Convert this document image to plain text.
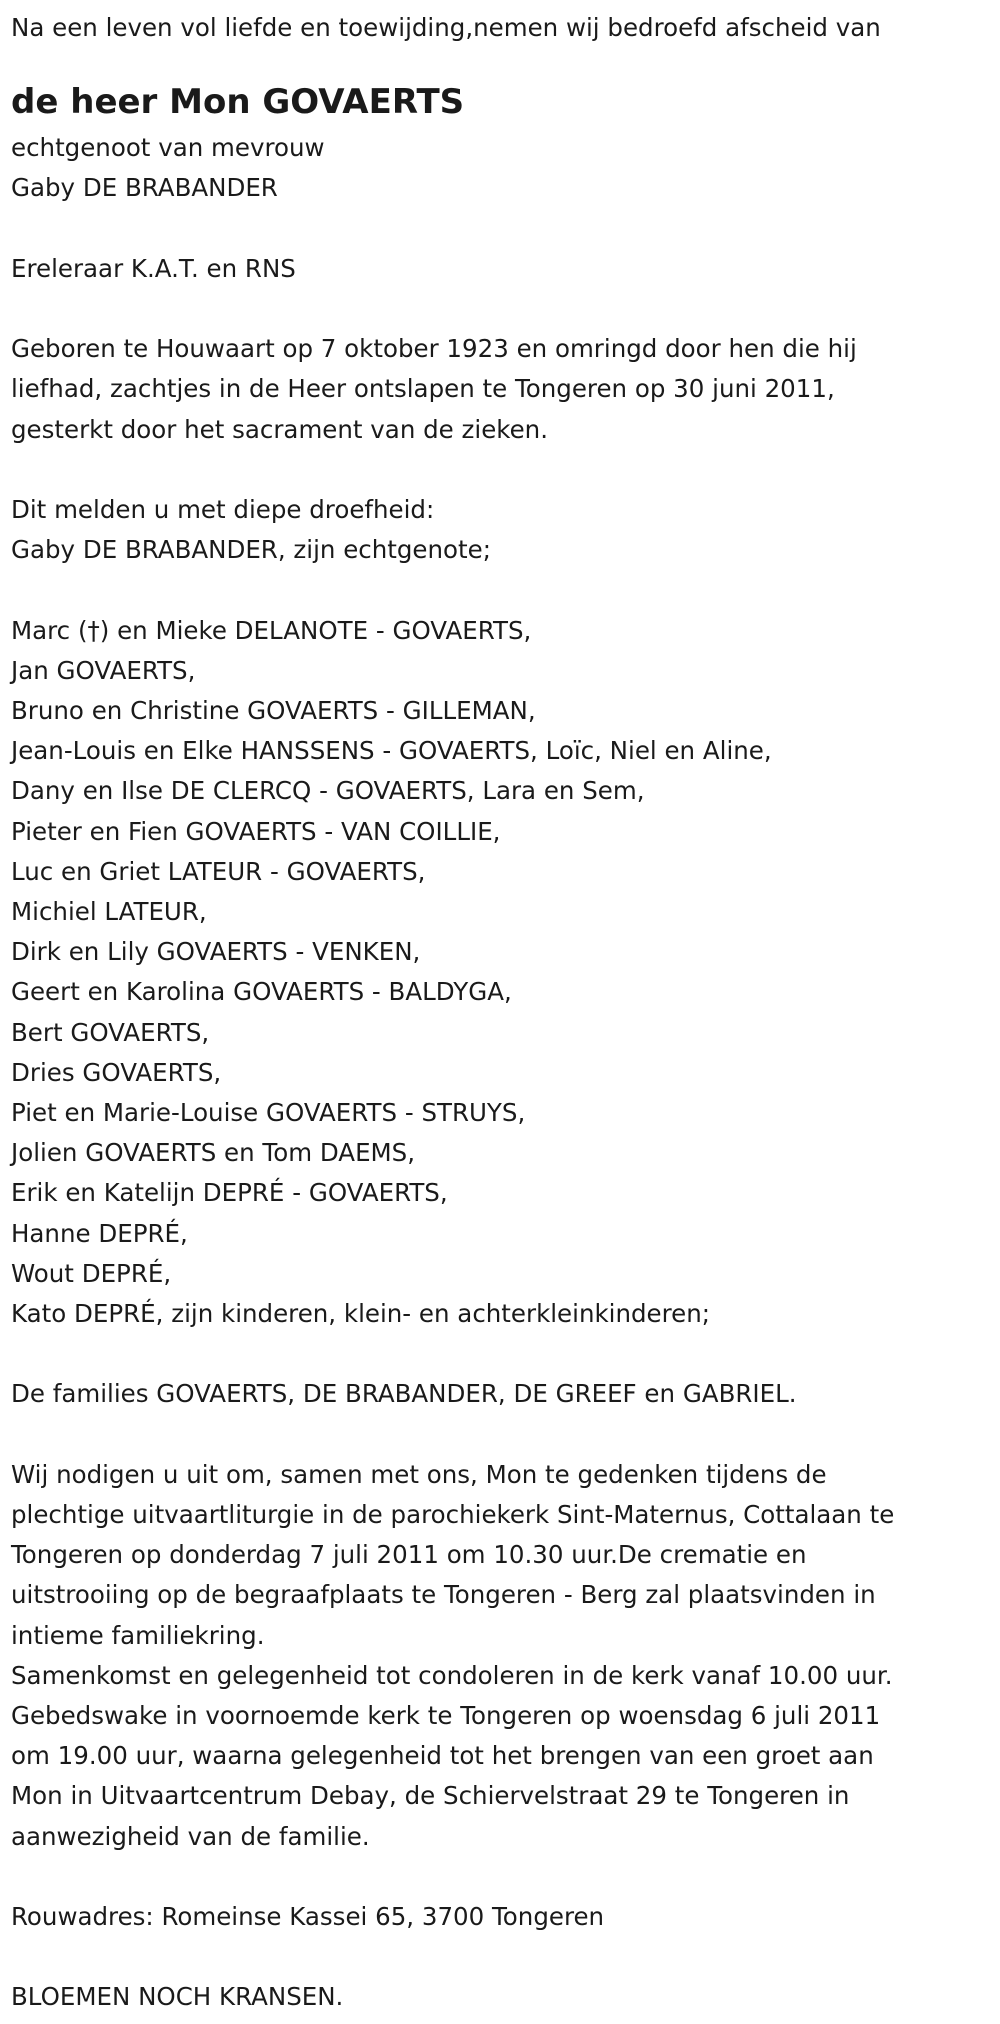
Na een leven vol liefde en toewijding,nemen wij bedroefd afscheid van

de heer Mon GOVAERTS

echtgenoot van mevrouw

Gaby DE BRABANDER

Ereleraar K.A.T. en RNS

Geboren te Houwaart op 7 oktober 1923 en omringd door hen die hij

liefhad, zachtjes in de Heer ontslapen te Tongeren op 30 juni 2011,

gesterkt door het sacrament van de zieken.

Dit melden u met diepe droefheid:

Gaby DE BRABANDER, zijn echtgenote;

Marc (†) en Mieke DELANOTE - GOVAERTS,

Jan GOVAERTS,

Bruno en Christine GOVAERTS - GILLEMAN,

Jean-Louis en Elke HANSSENS - GOVAERTS, Loïc, Niel en Aline,

Dany en Ilse DE CLERCQ - GOVAERTS, Lara en Sem,

Pieter en Fien GOVAERTS - VAN COILLIE,

Luc en Griet LATEUR - GOVAERTS,

Michiel LATEUR,

Dirk en Lily GOVAERTS - VENKEN,

Geert en Karolina GOVAERTS - BALDYGA,

Bert GOVAERTS,

Dries GOVAERTS,

Piet en Marie-Louise GOVAERTS - STRUYS,

Jolien GOVAERTS en Tom DAEMS,

Erik en Katelijn DEPRÉ - GOVAERTS,

Hanne DEPRÉ,

Wout DEPRÉ,

Kato DEPRÉ, zijn kinderen, klein- en achterkleinkinderen;

De families GOVAERTS, DE BRABANDER, DE GREEF en GABRIEL.

Wij nodigen u uit om, samen met ons, Mon te gedenken tijdens de

plechtige uitvaartliturgie in de parochiekerk Sint-Maternus, Cottalaan te

Tongeren op donderdag 7 juli 2011 om 10.30 uur.De crematie en

uitstrooiing op de begraafplaats te Tongeren - Berg zal plaatsvinden in

intieme familiekring.

Samenkomst en gelegenheid tot condoleren in de kerk vanaf 10.00 uur.

Gebedswake in voornoemde kerk te Tongeren op woensdag 6 juli 2011

om 19.00 uur, waarna gelegenheid tot het brengen van een groet aan

Mon in Uitvaartcentrum Debay, de Schiervelstraat 29 te Tongeren in

aanwezigheid van de familie.

Rouwadres: Romeinse Kassei 65, 3700 Tongeren

BLOEMEN NOCH KRANSEN.
